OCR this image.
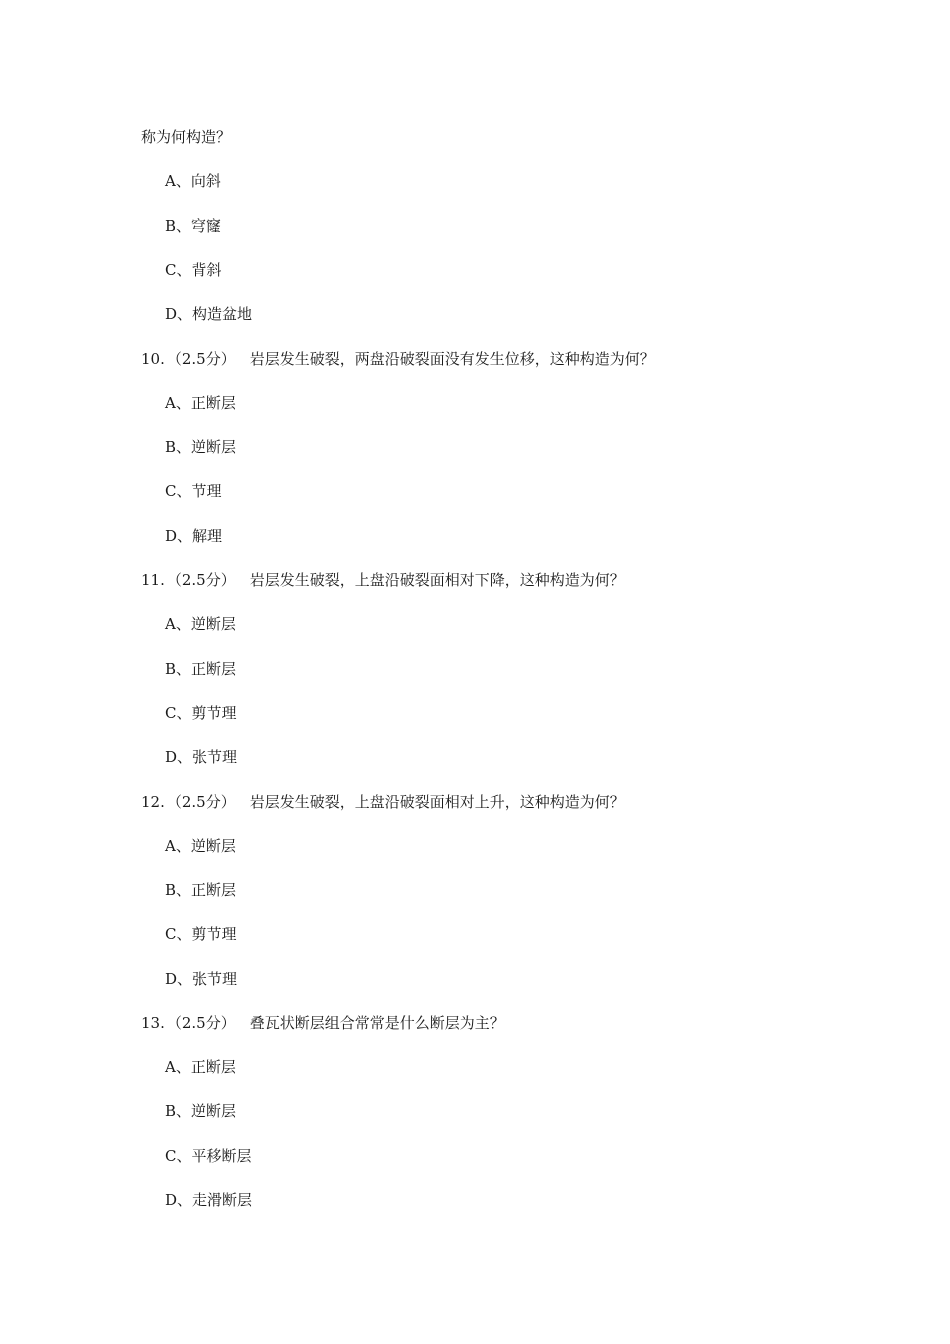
称为何构造？
A、向斜
B、穹窿
C、背斜
D、构造盆地
10. （2.5分） 岩层发生破裂，两盘沿破裂面没有发生位移，这种构造为何？
A、正断层
B、逆断层
C、节理
D、解理
11. （2.5分） 岩层发生破裂，上盘沿破裂面相对下降，这种构造为何？
A、逆断层
B、正断层
C、剪节理
D、张节理
12. （2.5分） 岩层发生破裂，上盘沿破裂面相对上升，这种构造为何？
A、逆断层
B、正断层
C、剪节理
D、张节理
13. （2.5分） 叠瓦状断层组合常常是什么断层为主？
A、正断层
B、逆断层
C、平移断层
D、走滑断层
